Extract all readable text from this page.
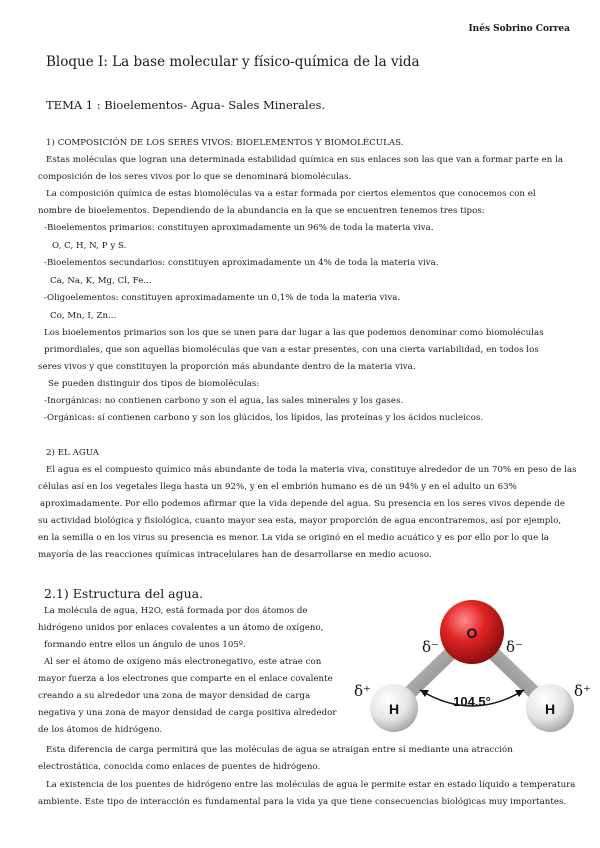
Inés Sobrino Correa
Bloque I: La base molecular y físico-química de la vida
TEMA 1 : Bioelementos- Agua- Sales Minerales.
1) COMPOSICIÓN DE LOS SERES VIVOS: BIOELEMENTOS Y BIOMOLÉCULAS.
Estas moléculas que logran una determinada estabilidad química en sus enlaces son las que van a formar parte en la
composición de los seres vivos por lo que se denominará biomoléculas.
La composición química de estas biomoléculas va a estar formada por ciertos elementos que conocemos con el
nombre de bioelementos. Dependiendo de la abundancia en la que se encuentren tenemos tres tipos:
-Bioelementos primarios: constituyen aproximadamente un 96% de toda la materia viva.
O, C, H, N, P y S.
-Bioelementos secundarios: constituyen aproximadamente un 4% de toda la materia viva.
Ca, Na, K, Mg, Cl, Fe...
-Oligoelementos: constituyen aproximadamente un 0,1% de toda la materia viva.
Co, Mn, I, Zn...
Los bioelementos primarios son los que se unen para dar lugar a las que podemos denominar como biomoléculas
primordiales, que son aquellas biomoléculas que van a estar presentes, con una cierta variabilidad, en todos los
seres vivos y que constituyen la proporción más abundante dentro de la materia viva.
Se pueden distinguir dos tipos de biomoléculas:
-Inorgánicas: no contienen carbono y son el agua, las sales minerales y los gases.
-Orgánicas: sí contienen carbono y son los glúcidos, los lípidos, las proteínas y los ácidos nucleicos.
2) EL AGUA
El agua es el compuesto químico más abundante de toda la materia viva, constituye alrededor de un 70% en peso de las
células así en los vegetales llega hasta un 92%, y en el embrión humano es de un 94% y en el adulto un 63%
aproximadamente. Por ello podemos afirmar que la vida depende del agua. Su presencia en los seres vivos depende de
su actividad biológica y fisiológica, cuanto mayor sea esta, mayor proporción de agua encontraremos, así por ejemplo,
en la semilla o en los virus su presencia es menor. La vida se originó en el medio acuático y es por ello por lo que la
mayoría de las reacciones químicas intracelulares han de desarrollarse en medio acuoso.
2.1) Estructura del agua.
La molécula de agua, H2O, está formada por dos átomos de
hidrógeno unidos por enlaces covalentes a un átomo de oxígeno,
formando entre ellos un ángulo de unos 105º.
Al ser el átomo de oxígeno más electronegativo, este atrae con
mayor fuerza a los electrones que comparte en el enlace covalente
creando a su alrededor una zona de mayor densidad de carga
negativa y una zona de mayor densidad de carga positiva alrededor
de los átomos de hidrógeno.
Esta diferencia de carga permitirá que las moléculas de agua se atraigan entre sí mediante una atracción
electrostática, conocida como enlaces de puentes de hidrógeno.
La existencia de los puentes de hidrógeno entre las moléculas de agua le permite estar en estado líquido a temperatura
ambiente. Este tipo de interacción es fundamental para la vida ya que tiene consecuencias biológicas muy importantes.
O
H	H
δ⁻	δ⁻
δ⁺	δ⁺
104.5°
